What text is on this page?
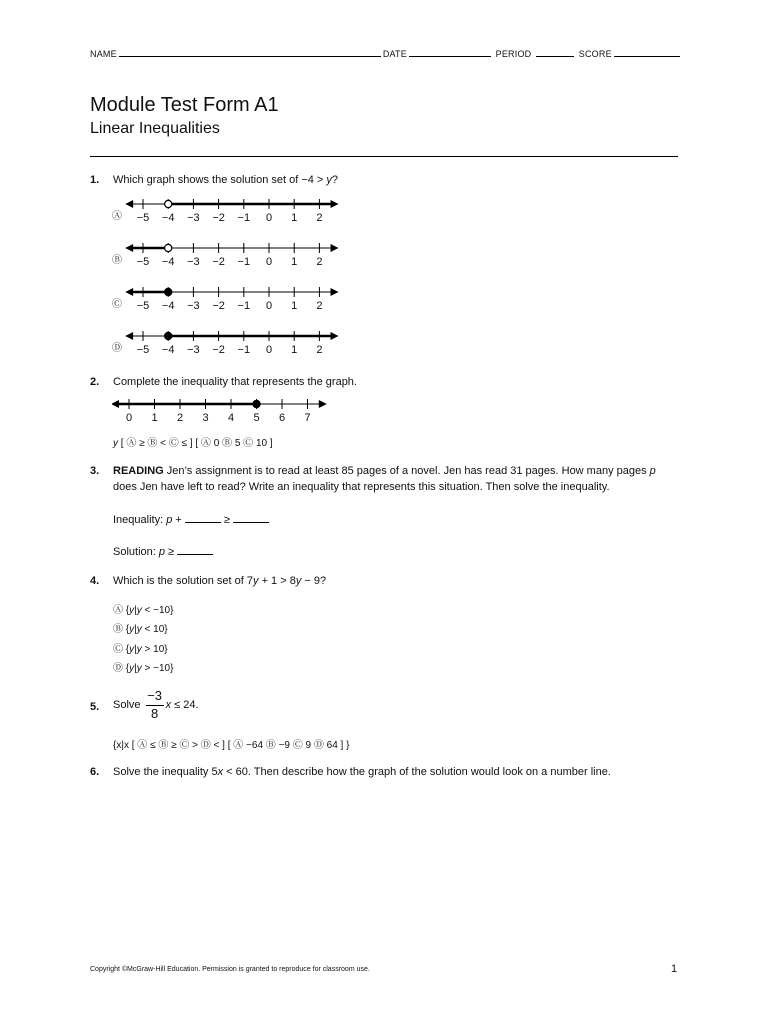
NAME	DATE	PERIOD	SCORE
Module Test Form A1
Linear Inequalities
1. Which graph shows the solution set of −4 > y?
Ⓐ −5 −4 −3 −2 −1 0 1 2
Ⓑ −5 −4 −3 −2 −1 0 1 2
Ⓒ −5 −4 −3 −2 −1 0 1 2
Ⓓ −5 −4 −3 −2 −1 0 1 2
2. Complete the inequality that represents the graph.
0 1 2 3 4 5 6 7
y [ Ⓐ ≥ Ⓑ < Ⓒ ≤ ] [ Ⓐ 0 Ⓑ 5 Ⓒ 10 ]
3. READING Jen’s assignment is to read at least 85 pages of a novel. Jen has read 31 pages. How many pages p
does Jen have left to read? Write an inequality that represents this situation. Then solve the inequality.
Inequality: p +	≥
Solution: p ≥
4. Which is the solution set of 7y + 1 > 8y − 9?
Ⓐ {y|y < −10}
Ⓑ {y|y < 10}
Ⓒ {y|y > 10}
Ⓓ {y|y > −10}
5. Solve $\frac{-3}{8}$ x ≤ 24.
{x|x [ Ⓐ ≤ Ⓑ ≥ Ⓒ > Ⓓ < ] [ Ⓐ −64 Ⓑ −9 Ⓒ 9 Ⓓ 64 ] }
6. Solve the inequality 5x < 60. Then describe how the graph of the solution would look on a number line.
Copyright ©McGraw-Hill Education. Permission is granted to reproduce for classroom use.	1
